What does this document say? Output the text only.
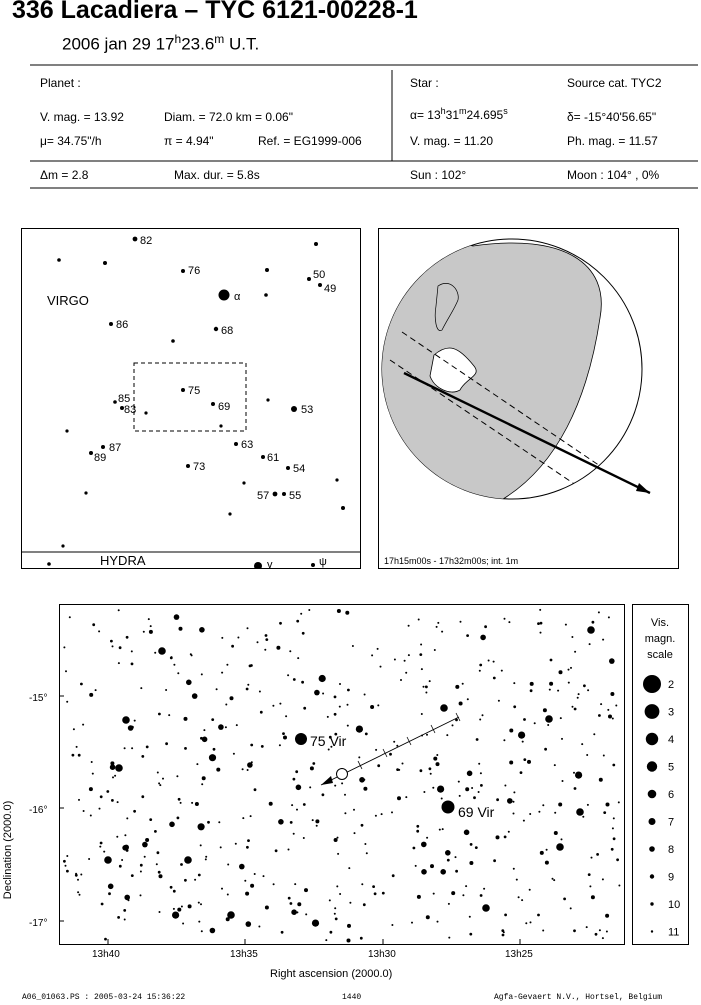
336 Lacadiera – TYC 6121-00228-1
2006 jan 29 17$^h$23.6$^m$ U.T.
Planet :
V. mag. = 13.92	Diam. = 72.0 km = 0.06"
μ= 34.75"/h	π = 4.94"	Ref. = EG1999-006
Star :	Source cat. TYC2
$\alpha= 13^h31^m24.695^s$	δ= -15°40'56.65"
V. mag. = 11.20	Ph. mag. = 11.57
Δm = 2.8	Max. dur. = 5.8s	Sun : 102°	Moon : 104° , 0%
VIRGO
HYDRA
82
76	50
49
α
86	68
75
85
83	69	53
87
89
63
61
73	54
57 55
γ	ψ	17h15m00s - 17h32m00s; int. 1m
75 Vir
69 Vir
-15°
-16°
-17°
13h40	13h35	13h30	13h25
Right ascension (2000.0)
Declination (2000.0)
Vis.
magn.
scale
2
3
4
5
6
7
8
9
10
11
A06_01063.PS : 2005-03-24 15:36:22	1440	Agfa-Gevaert N.V., Hortsel, Belgium
